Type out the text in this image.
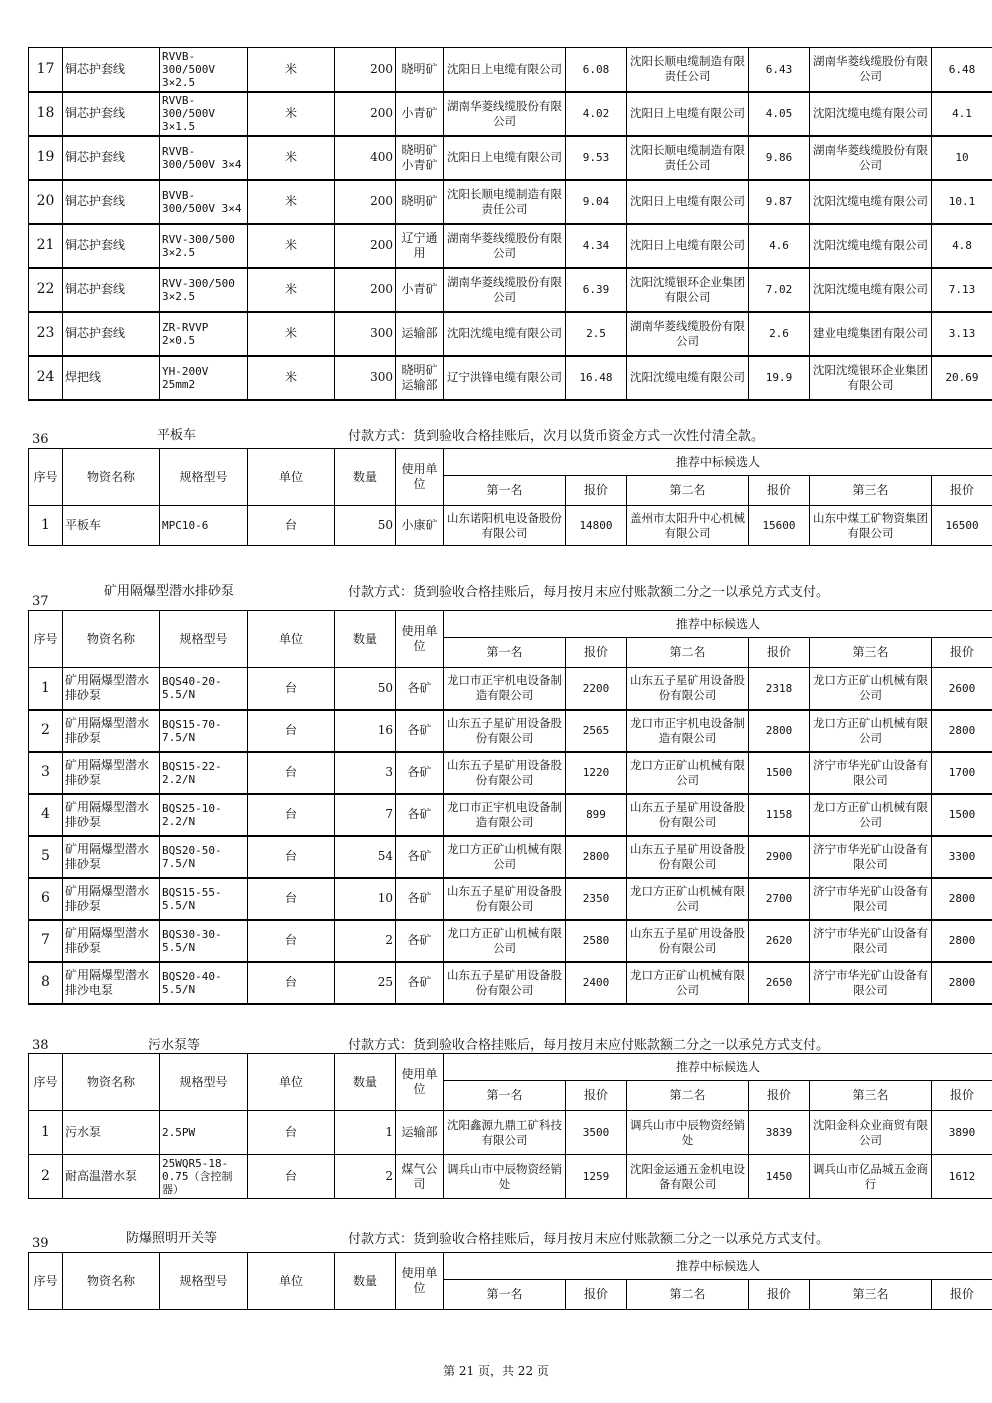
17	铜芯护套线	RVVB-300/500V 3×2.5	米	200	晓明矿	沈阳日上电缆有限公司	6.08	沈阳长顺电缆制造有限责任公司	6.43	湖南华菱线缆股份有限公司	6.48
18	铜芯护套线	RVVB-300/500V 3×1.5	米	200	小青矿	湖南华菱线缆股份有限公司	4.02	沈阳日上电缆有限公司	4.05	沈阳沈缆电缆有限公司	4.1
19	铜芯护套线	RVVB-300/500V 3×4	米	400	晓明矿 小青矿	沈阳日上电缆有限公司	9.53	沈阳长顺电缆制造有限责任公司	9.86	湖南华菱线缆股份有限公司	10
20	铜芯护套线	BVVB-300/500V 3×4	米	200	晓明矿	沈阳长顺电缆制造有限责任公司	9.04	沈阳日上电缆有限公司	9.87	沈阳沈缆电缆有限公司	10.1
21	铜芯护套线	RVV-300/500 3×2.5	米	200	辽宁通用	湖南华菱线缆股份有限公司	4.34	沈阳日上电缆有限公司	4.6	沈阳沈缆电缆有限公司	4.8
22	铜芯护套线	RVV-300/500 3×2.5	米	200	小青矿	湖南华菱线缆股份有限公司	6.39	沈阳沈缆银环企业集团有限公司	7.02	沈阳沈缆电缆有限公司	7.13
23	铜芯护套线	ZR-RVVP 2×0.5	米	300	运输部	沈阳沈缆电缆有限公司	2.5	湖南华菱线缆股份有限公司	2.6	建业电缆集团有限公司	3.13
24	焊把线	YH-200V 25mm2	米	300	晓明矿 运输部	辽宁洪锋电缆有限公司	16.48	沈阳沈缆电缆有限公司	19.9	沈阳沈缆银环企业集团有限公司	20.69
36	平板车	付款方式：货到验收合格挂账后，次月以货币资金方式一次性付清全款。
序号	物资名称	规格型号	单位	数量	使用单位	推荐中标候选人					
						第一名	报价	第二名	报价	第三名	报价
1	平板车	MPC10-6	台	50	小康矿	山东诺阳机电设备股份有限公司	14800	盖州市太阳升中心机械有限公司	15600	山东中煤工矿物资集团有限公司	16500
37
矿用隔爆型潜水排砂泵	付款方式：货到验收合格挂账后，每月按月末应付账款额二分之一以承兑方式支付。
序号	物资名称	规格型号	单位	数量	使用单位	推荐中标候选人					
						第一名	报价	第二名	报价	第三名	报价
1	矿用隔爆型潜水排砂泵	BQS40-20-5.5/N	台	50	各矿	龙口市正宇机电设备制造有限公司	2200	山东五子星矿用设备股份有限公司	2318	龙口方正矿山机械有限公司	2600
2	矿用隔爆型潜水排砂泵	BQS15-70-7.5/N	台	16	各矿	山东五子星矿用设备股份有限公司	2565	龙口市正宇机电设备制造有限公司	2800	龙口方正矿山机械有限公司	2800
3	矿用隔爆型潜水排砂泵	BQS15-22-2.2/N	台	3	各矿	山东五子星矿用设备股份有限公司	1220	龙口方正矿山机械有限公司	1500	济宁市华光矿山设备有限公司	1700
4	矿用隔爆型潜水排砂泵	BQS25-10-2.2/N	台	7	各矿	龙口市正宇机电设备制造有限公司	899	山东五子星矿用设备股份有限公司	1158	龙口方正矿山机械有限公司	1500
5	矿用隔爆型潜水排砂泵	BQS20-50-7.5/N	台	54	各矿	龙口方正矿山机械有限公司	2800	山东五子星矿用设备股份有限公司	2900	济宁市华光矿山设备有限公司	3300
6	矿用隔爆型潜水排砂泵	BQS15-55-5.5/N	台	10	各矿	山东五子星矿用设备股份有限公司	2350	龙口方正矿山机械有限公司	2700	济宁市华光矿山设备有限公司	2800
7	矿用隔爆型潜水排砂泵	BQS30-30-5.5/N	台	2	各矿	龙口方正矿山机械有限公司	2580	山东五子星矿用设备股份有限公司	2620	济宁市华光矿山设备有限公司	2800
8	矿用隔爆型潜水排沙电泵	BQS20-40-5.5/N	台	25	各矿	山东五子星矿用设备股份有限公司	2400	龙口方正矿山机械有限公司	2650	济宁市华光矿山设备有限公司	2800
38	污水泵等	付款方式：货到验收合格挂账后，每月按月末应付账款额二分之一以承兑方式支付。
序号	物资名称	规格型号	单位	数量	使用单位	推荐中标候选人					
						第一名	报价	第二名	报价	第三名	报价
1	污水泵	2.5PW	台	1	运输部	沈阳鑫源九鼎工矿科技有限公司	3500	调兵山市中辰物资经销处	3839	沈阳金科众业商贸有限公司	3890
2	耐高温潜水泵	25WQR5-18-0.75（含控制器）	台	2	煤气公司	调兵山市中辰物资经销处	1259	沈阳金运通五金机电设备有限公司	1450	调兵山市亿品城五金商行	1612
39	防爆照明开关等	付款方式：货到验收合格挂账后，每月按月末应付账款额二分之一以承兑方式支付。
序号	物资名称	规格型号	单位	数量	使用单位	推荐中标候选人					
						第一名	报价	第二名	报价	第三名	报价
第 21 页，共 22 页
